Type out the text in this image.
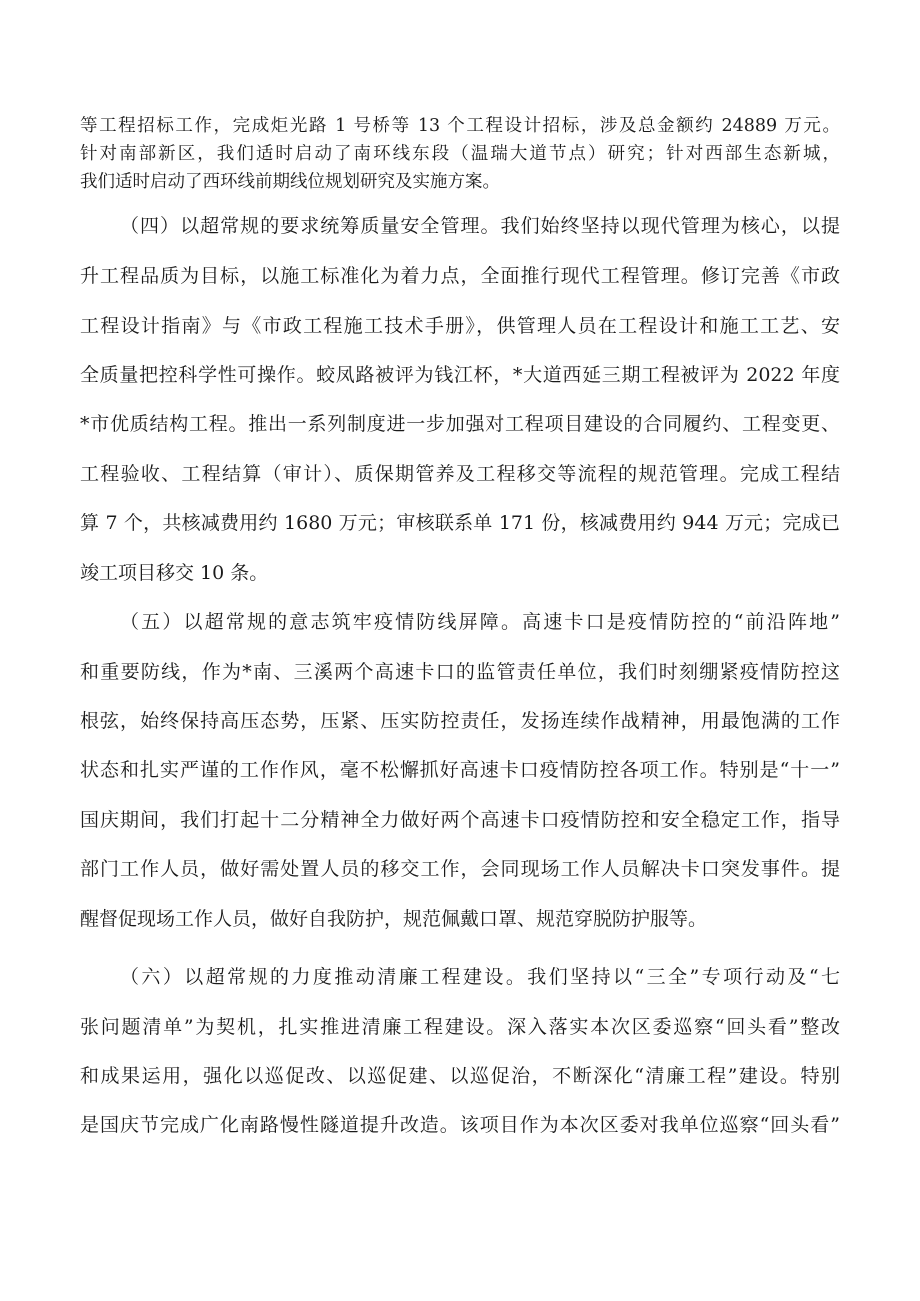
等工程招标工作，完成炬光路 1 号桥等 13 个工程设计招标，涉及总金额约 24889 万元。
针对南部新区，我们适时启动了南环线东段（温瑞大道节点）研究；针对西部生态新城，
我们适时启动了西环线前期线位规划研究及实施方案。
（四）以超常规的要求统筹质量安全管理。我们始终坚持以现代管理为核心，以提
升工程品质为目标，以施工标准化为着力点，全面推行现代工程管理。修订完善《市政
工程设计指南》与《市政工程施工技术手册》，供管理人员在工程设计和施工工艺、安
全质量把控科学性可操作。蛟凤路被评为钱江杯，*大道西延三期工程被评为 2022 年度
*市优质结构工程。推出一系列制度进一步加强对工程项目建设的合同履约、工程变更、
工程验收、工程结算（审计）、质保期管养及工程移交等流程的规范管理。完成工程结
算 7 个，共核减费用约 1680 万元；审核联系单 171 份，核减费用约 944 万元；完成已
竣工项目移交 10 条。
（五）以超常规的意志筑牢疫情防线屏障。高速卡口是疫情防控的“前沿阵地”
和重要防线，作为*南、三溪两个高速卡口的监管责任单位，我们时刻绷紧疫情防控这
根弦，始终保持高压态势，压紧、压实防控责任，发扬连续作战精神，用最饱满的工作
状态和扎实严谨的工作作风，毫不松懈抓好高速卡口疫情防控各项工作。特别是“十一”
国庆期间，我们打起十二分精神全力做好两个高速卡口疫情防控和安全稳定工作，指导
部门工作人员，做好需处置人员的移交工作，会同现场工作人员解决卡口突发事件。提
醒督促现场工作人员，做好自我防护，规范佩戴口罩、规范穿脱防护服等。
（六）以超常规的力度推动清廉工程建设。我们坚持以“三全”专项行动及“七
张问题清单”为契机，扎实推进清廉工程建设。深入落实本次区委巡察“回头看”整改
和成果运用，强化以巡促改、以巡促建、以巡促治，不断深化“清廉工程”建设。特别
是国庆节完成广化南路慢性隧道提升改造。该项目作为本次区委对我单位巡察“回头看”
